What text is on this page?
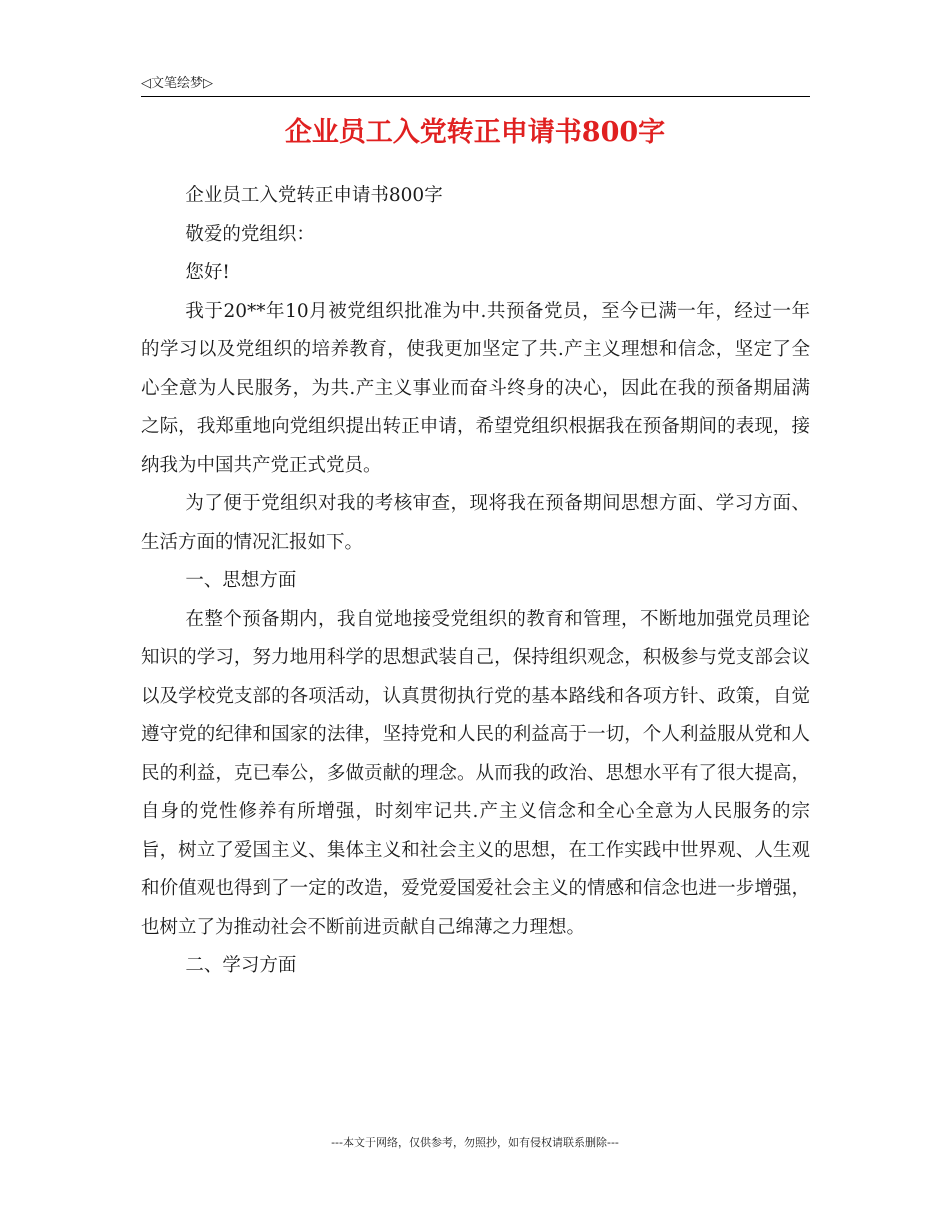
◁文笔绘梦▷
企业员工入党转正申请书800字

企业员工入党转正申请书800字

敬爱的党组织：

您好!

我于20**年10月被党组织批准为中.共预备党员，至今已满一年，经过一年的学习以及党组织的培养教育，使我更加坚定了共.产主义理想和信念，坚定了全心全意为人民服务，为共.产主义事业而奋斗终身的决心，因此在我的预备期届满之际，我郑重地向党组织提出转正申请，希望党组织根据我在预备期间的表现，接纳我为中国共产党正式党员。

为了便于党组织对我的考核审查，现将我在预备期间思想方面、学习方面、生活方面的情况汇报如下。

一、思想方面

在整个预备期内，我自觉地接受党组织的教育和管理，不断地加强党员理论知识的学习，努力地用科学的思想武装自己，保持组织观念，积极参与党支部会议以及学校党支部的各项活动，认真贯彻执行党的基本路线和各项方针、政策，自觉遵守党的纪律和国家的法律，坚持党和人民的利益高于一切，个人利益服从党和人民的利益，克已奉公，多做贡献的理念。从而我的政治、思想水平有了很大提高，自身的党性修养有所增强，时刻牢记共.产主义信念和全心全意为人民服务的宗旨，树立了爱国主义、集体主义和社会主义的思想，在工作实践中世界观、人生观和价值观也得到了一定的改造，爱党爱国爱社会主义的情感和信念也进一步增强，也树立了为推动社会不断前进贡献自己绵薄之力理想。

二、学习方面

---本文于网络，仅供参考，勿照抄，如有侵权请联系删除---
